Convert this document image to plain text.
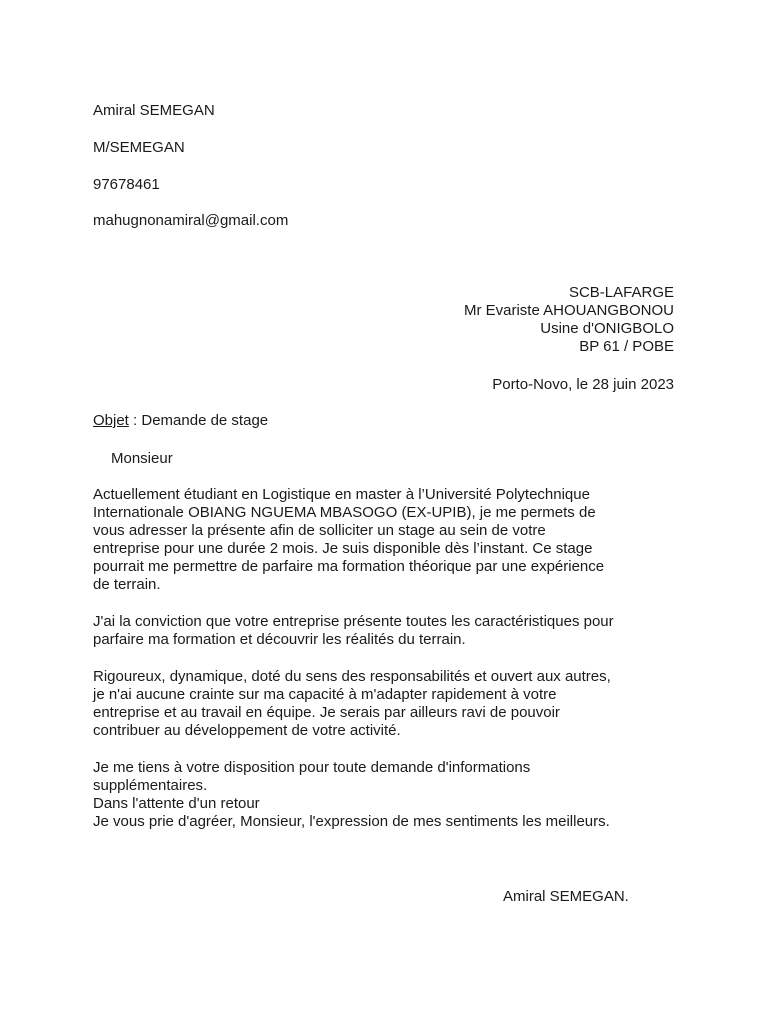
Amiral SEMEGAN
M/SEMEGAN
97678461
mahugnonamiral@gmail.com
SCB-LAFARGE
Mr Evariste AHOUANGBONOU
Usine d'ONIGBOLO
BP 61 / POBE
Porto-Novo, le 28 juin 2023
Objet : Demande de stage
Monsieur
Actuellement étudiant en Logistique en master à l’Université Polytechnique
Internationale OBIANG NGUEMA MBASOGO (EX-UPIB), je me permets de
vous adresser la présente afin de solliciter un stage au sein de votre
entreprise pour une durée 2 mois. Je suis disponible dès l’instant. Ce stage
pourrait me permettre de parfaire ma formation théorique par une expérience
de terrain.
J'ai la conviction que votre entreprise présente toutes les caractéristiques pour
parfaire ma formation et découvrir les réalités du terrain.
Rigoureux, dynamique, doté du sens des responsabilités et ouvert aux autres,
je n'ai aucune crainte sur ma capacité à m'adapter rapidement à votre
entreprise et au travail en équipe. Je serais par ailleurs ravi de pouvoir
contribuer au développement de votre activité.
Je me tiens à votre disposition pour toute demande d'informations
supplémentaires.
Dans l'attente d'un retour
Je vous prie d'agréer, Monsieur, l'expression de mes sentiments les meilleurs.
Amiral SEMEGAN.
